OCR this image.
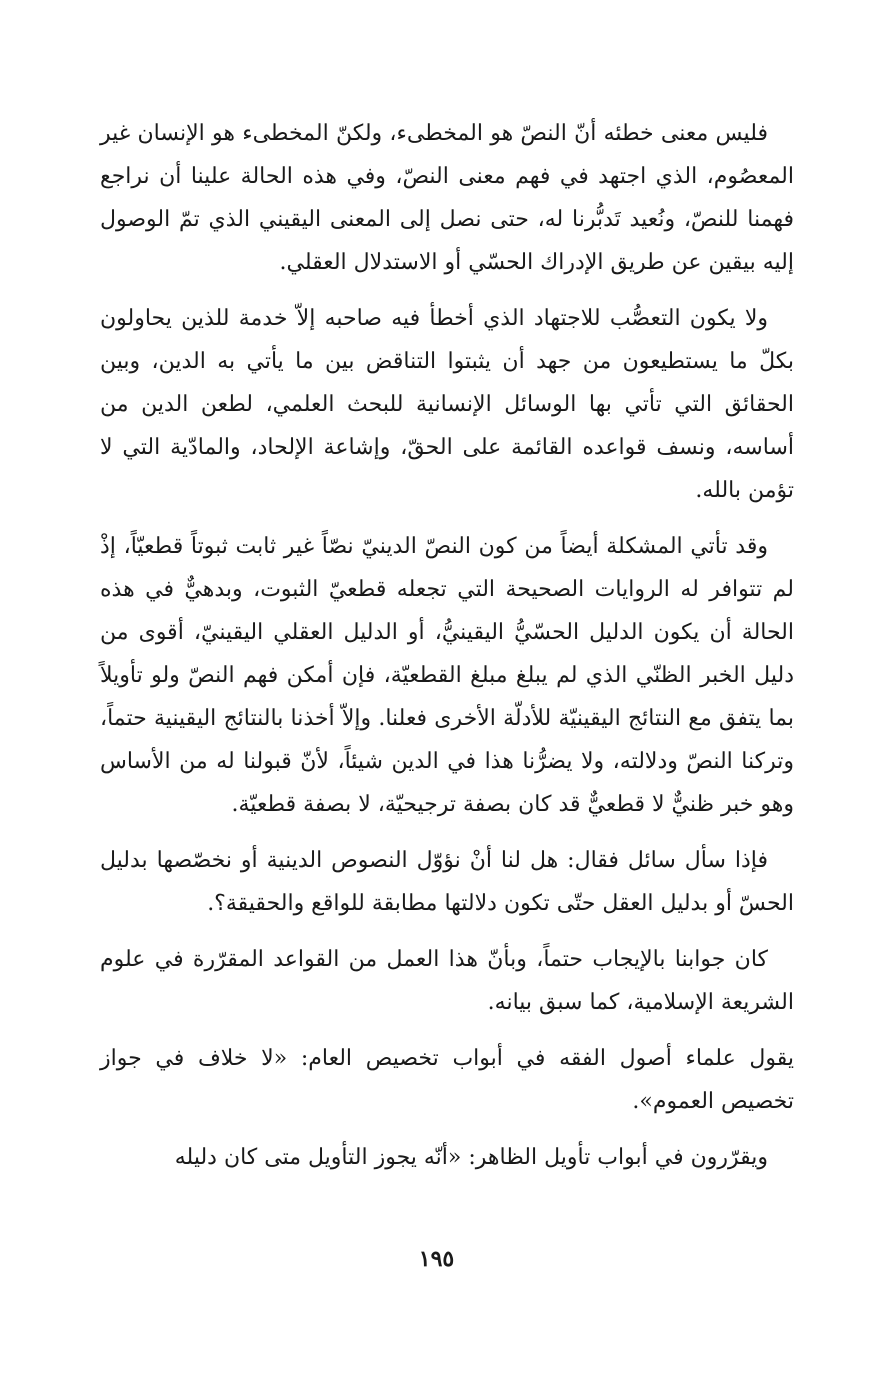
فليس معنى خطئه أنّ النصّ هو المخطىء، ولكنّ المخطىء هو الإنسان غير المعصُوم، الذي اجتهد في فهم معنى النصّ، وفي هذه الحالة علينا أن نراجع فهمنا للنصّ، ونُعيد تَدبُّرنا له، حتى نصل إلى المعنى اليقيني الذي تمّ الوصول إليه بيقين عن طريق الإدراك الحسّي أو الاستدلال العقلي.

ولا يكون التعصُّب للاجتهاد الذي أخطأ فيه صاحبه إلاّ خدمة للذين يحاولون بكلّ ما يستطيعون من جهد أن يثبتوا التناقض بين ما يأتي به الدين، وبين الحقائق التي تأتي بها الوسائل الإنسانية للبحث العلمي، لطعن الدين من أساسه، ونسف قواعده القائمة على الحقّ، وإشاعة الإلحاد، والمادّية التي لا تؤمن بالله.

وقد تأتي المشكلة أيضاً من كون النصّ الدينيّ نصّاً غير ثابت ثبوتاً قطعيّاً، إذْ لم تتوافر له الروايات الصحيحة التي تجعله قطعيّ الثبوت، وبدهيٌّ في هذه الحالة أن يكون الدليل الحسّيُّ اليقينيُّ، أو الدليل العقلي اليقينيّ، أقوى من دليل الخبر الظنّي الذي لم يبلغ مبلغ القطعيّة، فإن أمكن فهم النصّ ولو تأويلاً بما يتفق مع النتائج اليقينيّة للأدلّة الأخرى فعلنا. وإلاّ أخذنا بالنتائج اليقينية حتماً، وتركنا النصّ ودلالته، ولا يضرُّنا هذا في الدين شيئاً، لأنّ قبولنا له من الأساس وهو خبر ظنيٌّ لا قطعيٌّ قد كان بصفة ترجيحيّة، لا بصفة قطعيّة.

فإذا سأل سائل فقال: هل لنا أنْ نؤوّل النصوص الدينية أو نخصّصها بدليل الحسّ أو بدليل العقل حتّى تكون دلالتها مطابقة للواقع والحقيقة؟.

كان جوابنا بالإيجاب حتماً، وبأنّ هذا العمل من القواعد المقرّرة في علوم الشريعة الإسلامية، كما سبق بيانه.

يقول علماء أصول الفقه في أبواب تخصيص العام: «لا خلاف في جواز تخصيص العموم».

ويقرّرون في أبواب تأويل الظاهر: «أنّه يجوز التأويل متى كان دليله

١٩٥
